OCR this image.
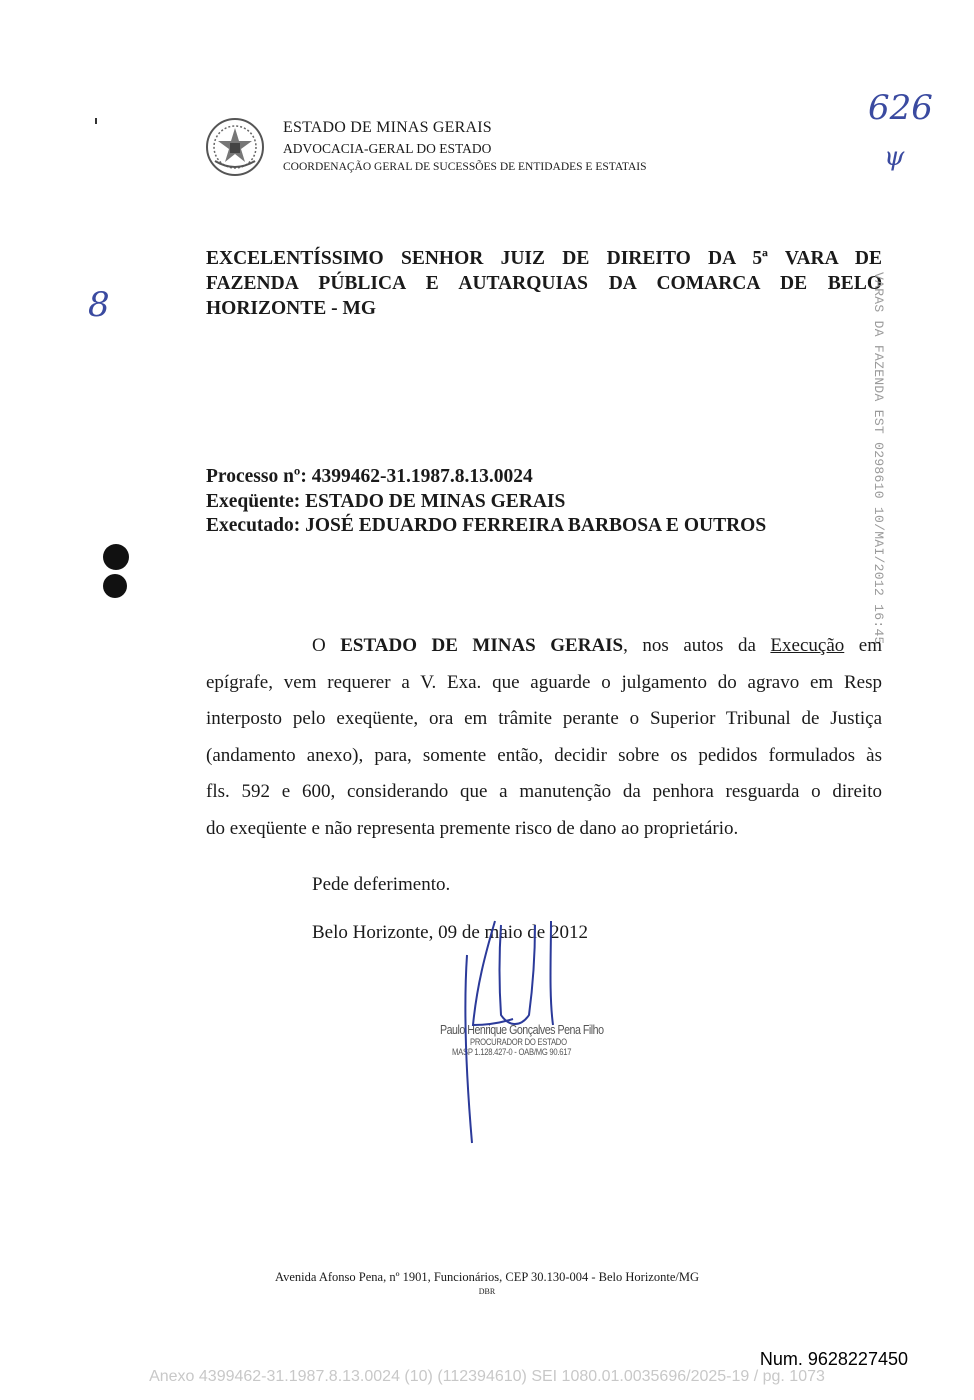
ESTADO DE MINAS GERAIS
ADVOCACIA-GERAL DO ESTADO
COORDENAÇÃO GERAL DE SUCESSÕES DE ENTIDADES E ESTATAIS
626
ψ
8
EXCELENTÍSSIMO SENHOR JUIZ DE DIREITO DA 5ª VARA DE
FAZENDA PÚBLICA E AUTARQUIAS DA COMARCA DE BELO
HORIZONTE - MG	VARAS DA FAZENDA EST 0298610 10/MAI/2012 16:45
Processo nº: 4399462-31.1987.8.13.0024
Exeqüente: ESTADO DE MINAS GERAIS
Executado: JOSÉ EDUARDO FERREIRA BARBOSA E OUTROS
O ESTADO DE MINAS GERAIS, nos autos da Execução em
epígrafe, vem requerer a V. Exa. que aguarde o julgamento do agravo em Resp
interposto pelo exeqüente, ora em trâmite perante o Superior Tribunal de Justiça
(andamento anexo), para, somente então, decidir sobre os pedidos formulados às
fls. 592 e 600, considerando que a manutenção da penhora resguarda o direito
do exeqüente e não representa premente risco de dano ao proprietário.
Pede deferimento.
Belo Horizonte, 09 de maio de 2012
Paulo Henrique Gonçalves Pena Filho
PROCURADOR DO ESTADO
MASP 1.128.427-0 - OAB/MG 90.617
Avenida Afonso Pena, nº 1901, Funcionários, CEP 30.130-004 - Belo Horizonte/MG
DBR
Num. 9628227450
Anexo 4399462-31.1987.8.13.0024 (10) (112394610) SEI 1080.01.0035696/2025-19 / pg. 1073
